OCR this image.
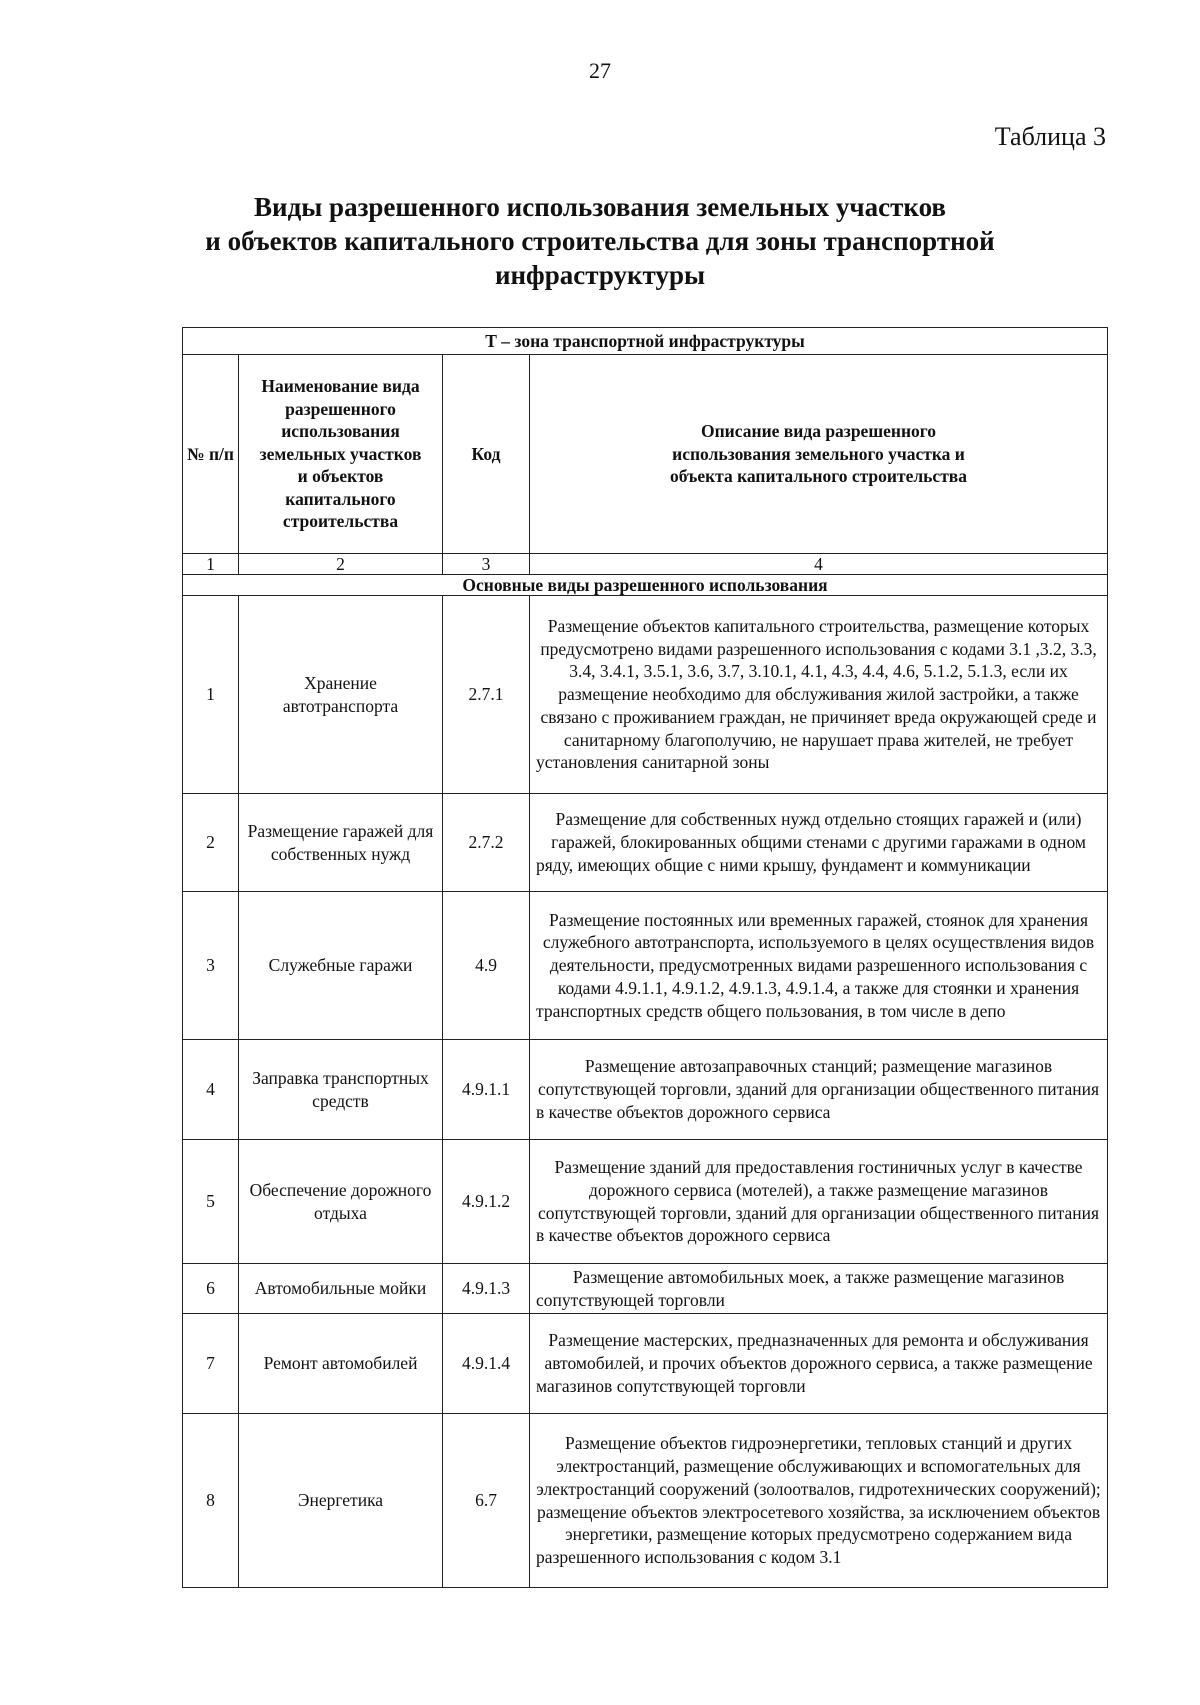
27
Таблица 3
Виды разрешенного использования земельных участков
и объектов капитального строительства для зоны транспортной
инфраструктуры
Т – зона транспортной инфраструктуры			
№ п/п	Наименование вида разрешенного использования земельных участков и объектов капитального строительства	Код	Описание вида разрешенного использования земельного участка и объекта капитального строительства
1	2	3	4
Основные виды разрешенного использования			
1	Хранение автотранспорта	2.7.1	Размещение объектов капитального строительства, размещение которых предусмотрено видами разрешенного использования с кодами 3.1 ,3.2, 3.3, 3.4, 3.4.1, 3.5.1, 3.6, 3.7, 3.10.1, 4.1, 4.3, 4.4, 4.6, 5.1.2, 5.1.3, если их размещение необходимо для обслуживания жилой застройки, а также связано с проживанием граждан, не причиняет вреда окружающей среде и санитарному благополучию, не нарушает права жителей, не требует установления санитарной зоны
2	Размещение гаражей для собственных нужд	2.7.2	Размещение для собственных нужд отдельно стоящих гаражей и (или) гаражей, блокированных общими стенами с другими гаражами в одном ряду, имеющих общие с ними крышу, фундамент и коммуникации
3	Служебные гаражи	4.9	Размещение постоянных или временных гаражей, стоянок для хранения служебного автотранспорта, используемого в целях осуществления видов деятельности, предусмотренных видами разрешенного использования с кодами 4.9.1.1, 4.9.1.2, 4.9.1.3, 4.9.1.4, а также для стоянки и хранения транспортных средств общего пользования, в том числе в депо
4	Заправка транспортных средств	4.9.1.1	Размещение автозаправочных станций; размещение магазинов сопутствующей торговли, зданий для организации общественного питания в качестве объектов дорожного сервиса
5	Обеспечение дорожного отдыха	4.9.1.2	Размещение зданий для предоставления гостиничных услуг в качестве дорожного сервиса (мотелей), а также размещение магазинов сопутствующей торговли, зданий для организации общественного питания в качестве объектов дорожного сервиса
6	Автомобильные мойки	4.9.1.3	Размещение автомобильных моек, а также размещение магазинов сопутствующей торговли
7	Ремонт автомобилей	4.9.1.4	Размещение мастерских, предназначенных для ремонта и обслуживания автомобилей, и прочих объектов дорожного сервиса, а также размещение магазинов сопутствующей торговли
8	Энергетика	6.7	Размещение объектов гидроэнергетики, тепловых станций и других электростанций, размещение обслуживающих и вспомогательных для электростанций сооружений (золоотвалов, гидротехнических сооружений); размещение объектов электросетевого хозяйства, за исключением объектов энергетики, размещение которых предусмотрено содержанием вида разрешенного использования с кодом 3.1
